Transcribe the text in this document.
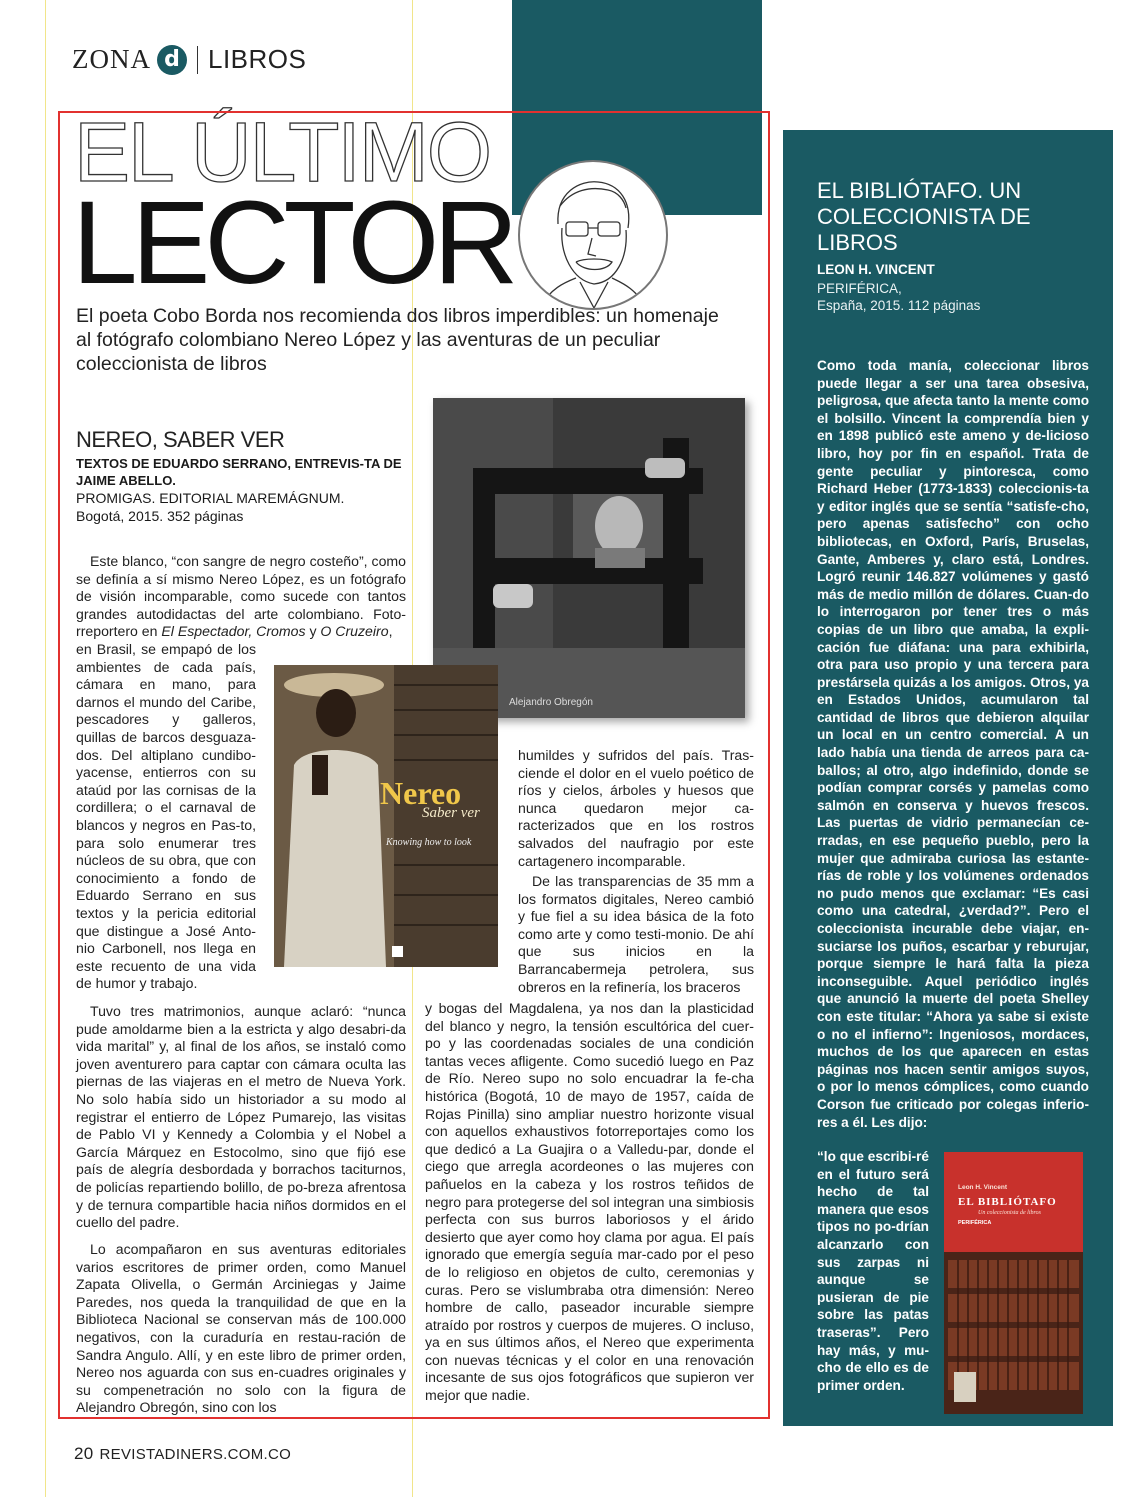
ZONA d LIBROS
EL ÚLTIMO
LECTOR
El poeta Cobo Borda nos recomienda dos libros imperdibles: un homenaje al fotógrafo colombiano Nereo López y las aventuras de un peculiar coleccionista de libros
NEREO, SABER VER
TEXTOS DE EDUARDO SERRANO, ENTREVIS-TA DE JAIME ABELLO.
PROMIGAS. EDITORIAL MAREMÁGNUM.
Bogotá, 2015. 352 páginas
Alejandro Obregón
Nereo
Saber ver
Knowing how to look
Este blanco, “con sangre de negro costeño”, como se definía a sí mismo Nereo López, es un fotógrafo de visión incomparable, como sucede con tantos grandes autodidactas del arte colombiano. Foto-rreportero en El Espectador, Cromos y O Cruzeiro,
en Brasil, se empapó de los ambientes de cada país, cámara en mano, para darnos el mundo del Caribe, pescadores y galleros, quillas de barcos desguaza-dos. Del altiplano cundibo-yacense, entierros con su ataúd por las cornisas de la cordillera; o el carnaval de blancos y negros en Pas-to, para solo enumerar tres núcleos de su obra, que con conocimiento a fondo de Eduardo Serrano en sus textos y la pericia editorial que distingue a José Anto-nio Carbonell, nos llega en este recuento de una vida de humor y trabajo.
Tuvo tres matrimonios, aunque aclaró: “nunca pude amoldarme bien a la estricta y algo desabri-da vida marital” y, al final de los años, se instaló como joven aventurero para captar con cámara oculta las piernas de las viajeras en el metro de Nueva York. No solo había sido un historiador a su modo al registrar el entierro de López Pumarejo, las visitas de Pablo VI y Kennedy a Colombia y el Nobel a García Márquez en Estocolmo, sino que fijó ese país de alegría desbordada y borrachos taciturnos, de policías repartiendo bolillo, de po-breza afrentosa y de ternura compartible hacia niños dormidos en el cuello del padre.
Lo acompañaron en sus aventuras editoriales varios escritores de primer orden, como Manuel Zapata Olivella, o Germán Arciniegas y Jaime Paredes, nos queda la tranquilidad de que en la Biblioteca Nacional se conservan más de 100.000 negativos, con la curaduría en restau-ración de Sandra Angulo. Allí, y en este libro de primer orden, Nereo nos aguarda con sus en-cuadres originales y su compenetración no solo con la figura de Alejandro Obregón, sino con los
humildes y sufridos del país. Tras-ciende el dolor en el vuelo poético de ríos y cielos, árboles y huesos que nunca quedaron mejor ca-racterizados que en los rostros salvados del naufragio por este cartagenero incomparable.
De las transparencias de 35 mm a los formatos digitales, Nereo cambió y fue fiel a su idea básica de la foto como arte y como testi-monio. De ahí que sus inicios en la Barrancabermeja petrolera, sus obreros en la refinería, los braceros
y bogas del Magdalena, ya nos dan la plasticidad del blanco y negro, la tensión escultórica del cuer-po y las coordenadas sociales de una condición tantas veces afligente. Como sucedió luego en Paz de Río. Nereo supo no solo encuadrar la fe-cha histórica (Bogotá, 10 de mayo de 1957, caída de Rojas Pinilla) sino ampliar nuestro horizonte visual con aquellos exhaustivos fotorreportajes como los que dedicó a La Guajira o a Valledu-par, donde el ciego que arregla acordeones o las mujeres con pañuelos en la cabeza y los rostros teñidos de negro para protegerse del sol integran una simbiosis perfecta con sus burros laboriosos y el árido desierto que ayer como hoy clama por agua. El país ignorado que emergía seguía mar-cado por el peso de lo religioso en objetos de culto, ceremonias y curas. Pero se vislumbraba otra dimensión: Nereo hombre de callo, paseador incurable siempre atraído por rostros y cuerpos de mujeres. O incluso, ya en sus últimos años, el Nereo que experimenta con nuevas técnicas y el color en una renovación incesante de sus ojos fotográficos que supieron ver mejor que nadie.
EL BIBLIÓTAFO. UN COLECCIONISTA DE LIBROS
LEON H. VINCENT
PERIFÉRICA,
España, 2015. 112 páginas
Como toda manía, coleccionar libros puede llegar a ser una tarea obsesiva, peligrosa, que afecta tanto la mente como el bolsillo. Vincent la comprendía bien y en 1898 publicó este ameno y de-licioso libro, hoy por fin en español. Trata de gente peculiar y pintoresca, como Richard Heber (1773-1833) coleccionis-ta y editor inglés que se sentía “satisfe-cho, pero apenas satisfecho” con ocho bibliotecas, en Oxford, París, Bruselas, Gante, Amberes y, claro está, Londres. Logró reunir 146.827 volúmenes y gastó más de medio millón de dólares. Cuan-do lo interrogaron por tener tres o más copias de un libro que amaba, la expli-cación fue diáfana: una para exhibirla, otra para uso propio y una tercera para prestársela quizás a los amigos. Otros, ya en Estados Unidos, acumularon tal cantidad de libros que debieron alquilar un local en un centro comercial. A un lado había una tienda de arreos para ca-ballos; al otro, algo indefinido, donde se podían comprar corsés y pamelas como salmón en conserva y huevos frescos. Las puertas de vidrio permanecían ce-rradas, en ese pequeño pueblo, pero la mujer que admiraba curiosa las estante-rías de roble y los volúmenes ordenados no pudo menos que exclamar: “Es casi como una catedral, ¿verdad?”. Pero el coleccionista incurable debe viajar, en-suciarse los puños, escarbar y reburujar, porque siempre le hará falta la pieza inconseguible. Aquel periódico inglés que anunció la muerte del poeta Shelley con este titular: “Ahora ya sabe si existe o no el infierno”: Ingeniosos, mordaces, muchos de los que aparecen en estas páginas nos hacen sentir amigos suyos, o por lo menos cómplices, como cuando Corson fue criticado por colegas inferio-res a él. Les dijo:
“lo que escribi-ré en el futuro será hecho de tal manera que esos tipos no po-drían alcanzarlo con sus zarpas ni aunque se pusieran de pie sobre las patas traseras”. Pero hay más, y mu-cho de ello es de primer orden.
Leon H. Vincent
EL BIBLIÓTAFO
Un coleccionista de libros
PERIFÉRICA
20 REVISTADINERS.COM.CO
